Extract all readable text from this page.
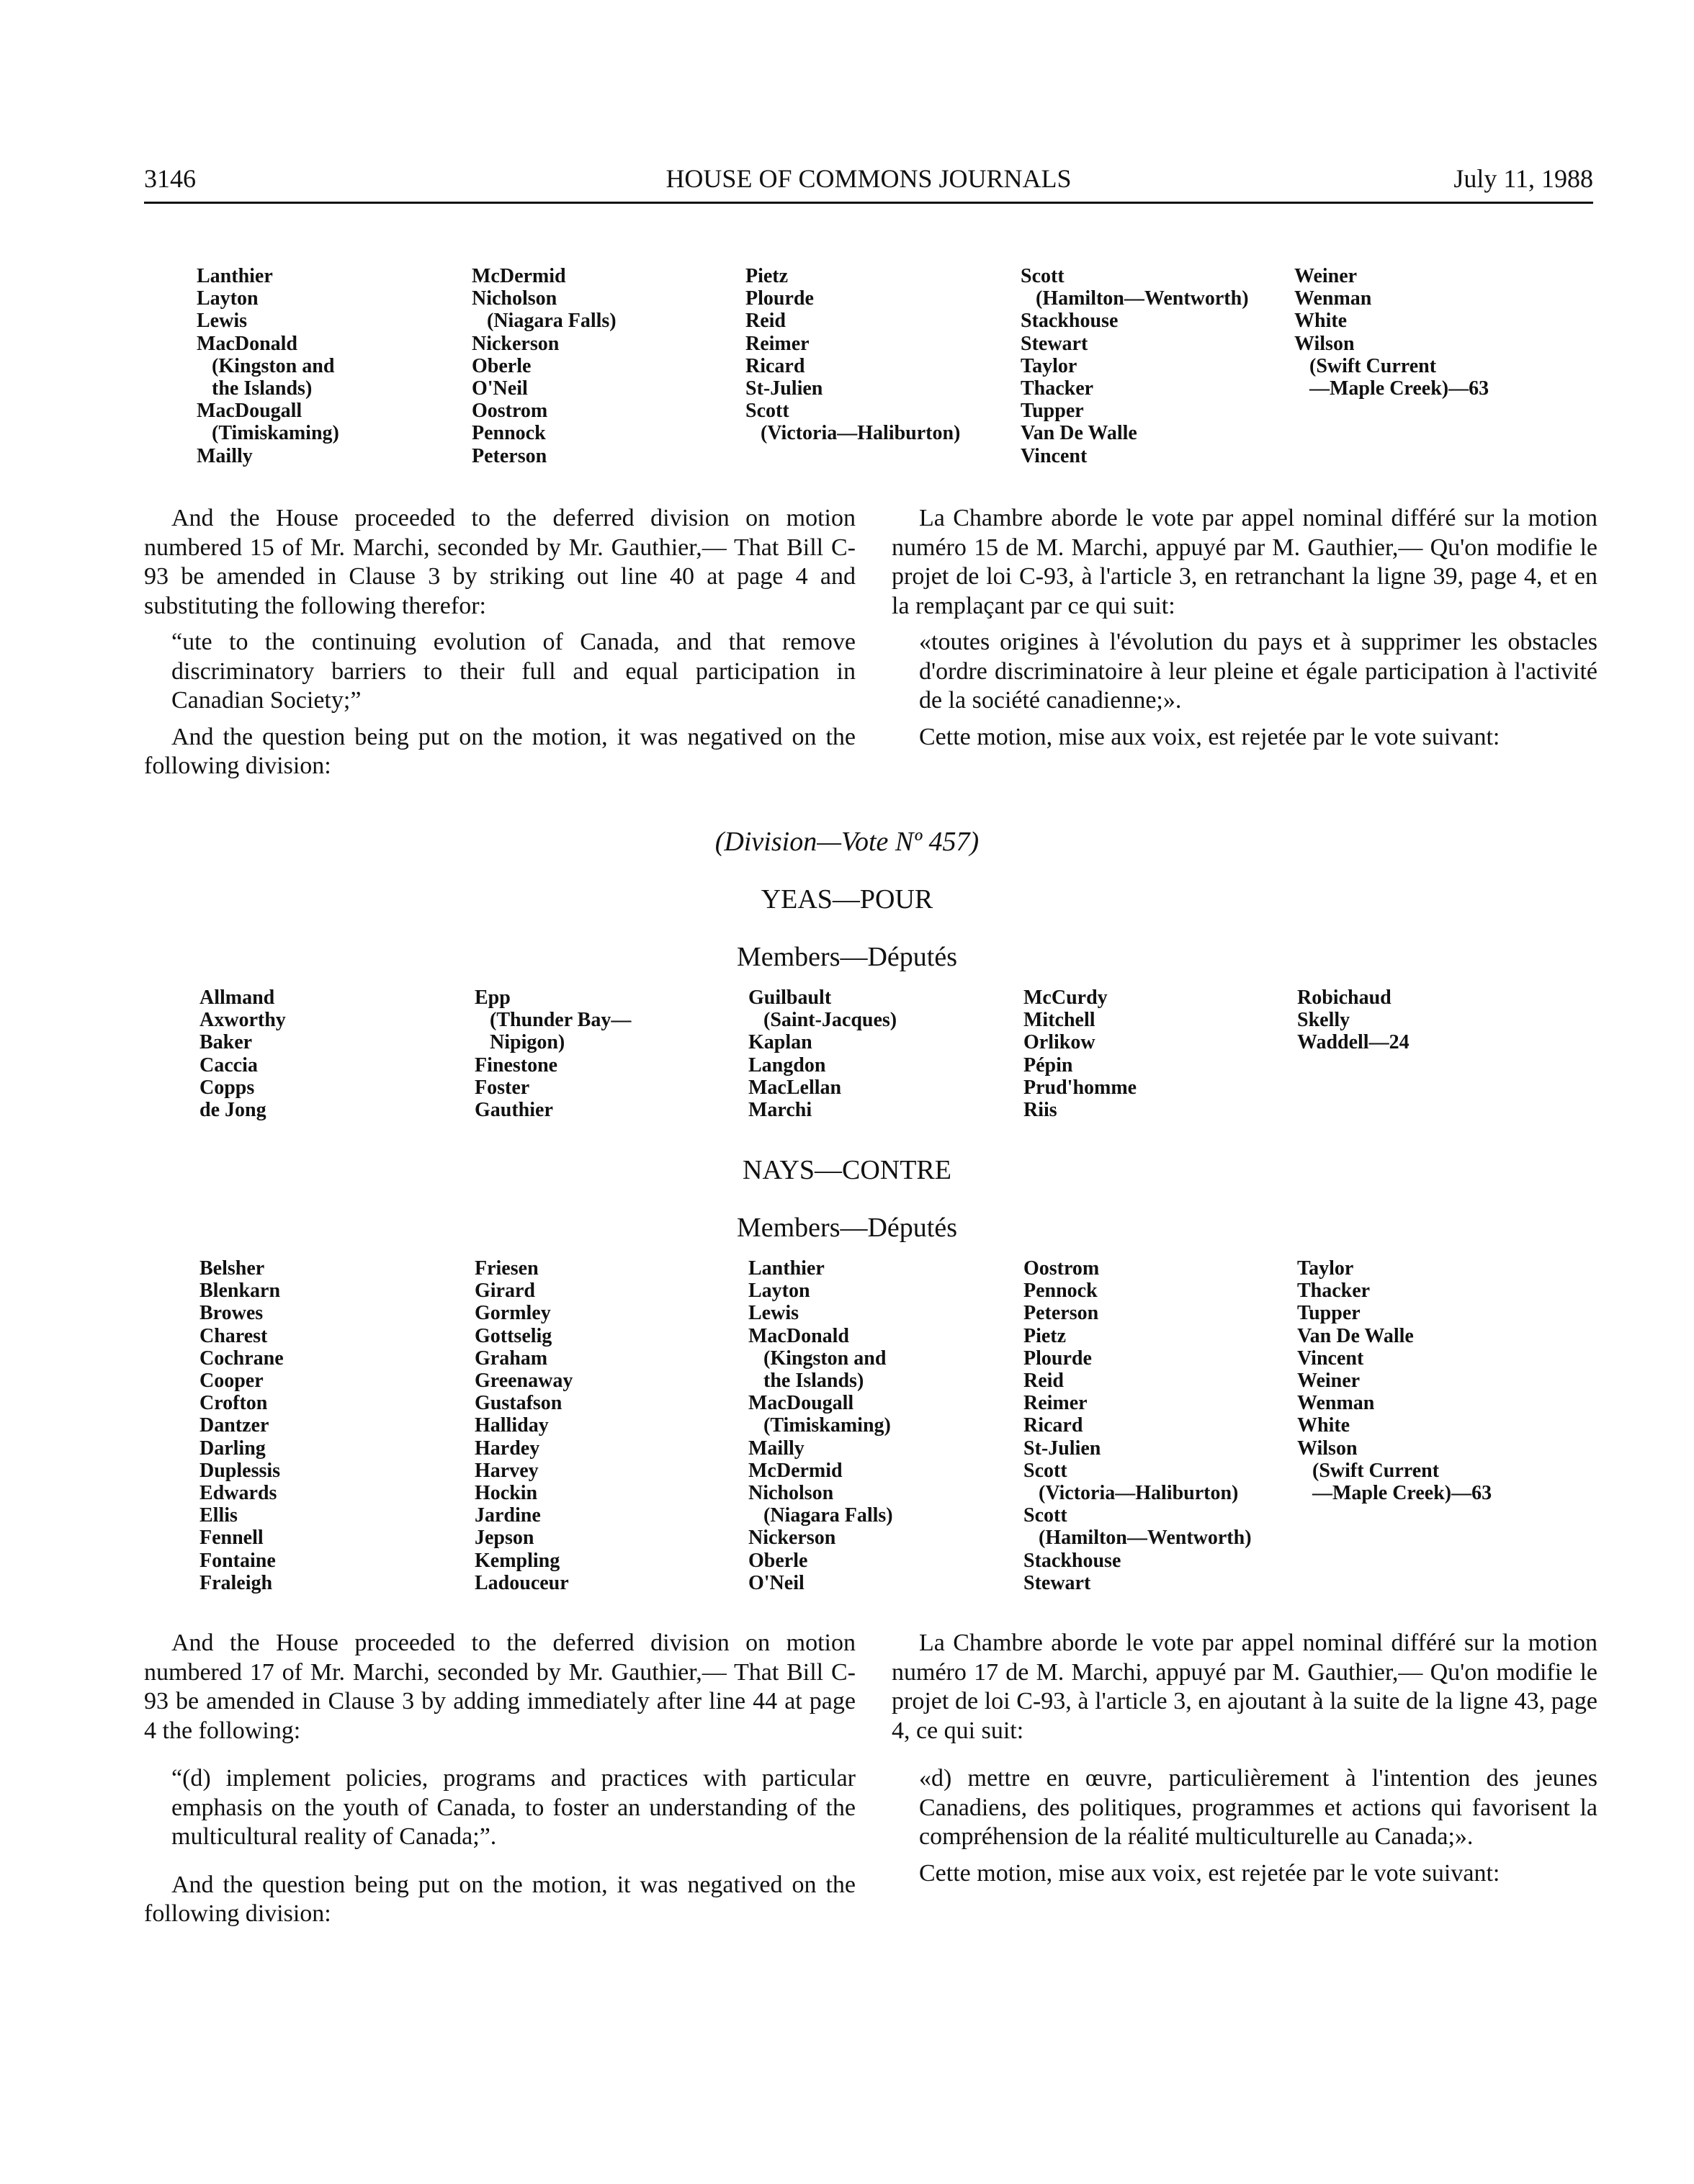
3146	HOUSE OF COMMONS JOURNALS	July 11, 1988
Lanthier
Layton
Lewis
MacDonald
(Kingston and
the Islands)
MacDougall
(Timiskaming)
Mailly
McDermid
Nicholson
(Niagara Falls)
Nickerson
Oberle
O'Neil
Oostrom
Pennock
Peterson
Pietz
Plourde
Reid
Reimer
Ricard
St-Julien
Scott
(Victoria—Haliburton)
Scott
(Hamilton—Wentworth)
Stackhouse
Stewart
Taylor
Thacker
Tupper
Van De Walle
Vincent
Weiner
Wenman
White
Wilson
(Swift Current
—Maple Creek)—63

And the House proceeded to the deferred division on motion numbered 15 of Mr. Marchi, seconded by Mr. Gauthier,— That Bill C-93 be amended in Clause 3 by striking out line 40 at page 4 and substituting the following therefor:

“ute to the continuing evolution of Canada, and that remove discriminatory barriers to their full and equal participation in Canadian Society;”

And the question being put on the motion, it was negatived on the following division:

La Chambre aborde le vote par appel nominal différé sur la motion numéro 15 de M. Marchi, appuyé par M. Gauthier,— Qu'on modifie le projet de loi C-93, à l'article 3, en retranchant la ligne 39, page 4, et en la remplaçant par ce qui suit:

«toutes origines à l'évolution du pays et à supprimer les obstacles d'ordre discriminatoire à leur pleine et égale participation à l'activité de la société canadienne;».

Cette motion, mise aux voix, est rejetée par le vote suivant:

(Division—Vote Nº 457)
YEAS—POUR
Members—Députés
Allmand
Axworthy
Baker
Caccia
Copps
de Jong
Epp
(Thunder Bay—
Nipigon)
Finestone
Foster
Gauthier
Guilbault
(Saint-Jacques)
Kaplan
Langdon
MacLellan
Marchi
McCurdy
Mitchell
Orlikow
Pépin
Prud'homme
Riis
Robichaud
Skelly
Waddell—24
NAYS—CONTRE
Members—Députés
Belsher
Blenkarn
Browes
Charest
Cochrane
Cooper
Crofton
Dantzer
Darling
Duplessis
Edwards
Ellis
Fennell
Fontaine
Fraleigh
Friesen
Girard
Gormley
Gottselig
Graham
Greenaway
Gustafson
Halliday
Hardey
Harvey
Hockin
Jardine
Jepson
Kempling
Ladouceur
Lanthier
Layton
Lewis
MacDonald
(Kingston and
the Islands)
MacDougall
(Timiskaming)
Mailly
McDermid
Nicholson
(Niagara Falls)
Nickerson
Oberle
O'Neil
Oostrom
Pennock
Peterson
Pietz
Plourde
Reid
Reimer
Ricard
St-Julien
Scott
(Victoria—Haliburton)
Scott
(Hamilton—Wentworth)
Stackhouse
Stewart
Taylor
Thacker
Tupper
Van De Walle
Vincent
Weiner
Wenman
White
Wilson
(Swift Current
—Maple Creek)—63

And the House proceeded to the deferred division on motion numbered 17 of Mr. Marchi, seconded by Mr. Gauthier,— That Bill C-93 be amended in Clause 3 by adding immediately after line 44 at page 4 the following:

“(d) implement policies, programs and practices with particular emphasis on the youth of Canada, to foster an understanding of the multicultural reality of Canada;”.

And the question being put on the motion, it was negatived on the following division:

La Chambre aborde le vote par appel nominal différé sur la motion numéro 17 de M. Marchi, appuyé par M. Gauthier,— Qu'on modifie le projet de loi C-93, à l'article 3, en ajoutant à la suite de la ligne 43, page 4, ce qui suit:

«d) mettre en œuvre, particulièrement à l'intention des jeunes Canadiens, des politiques, programmes et actions qui favorisent la compréhension de la réalité multiculturelle au Canada;».

Cette motion, mise aux voix, est rejetée par le vote suivant:
